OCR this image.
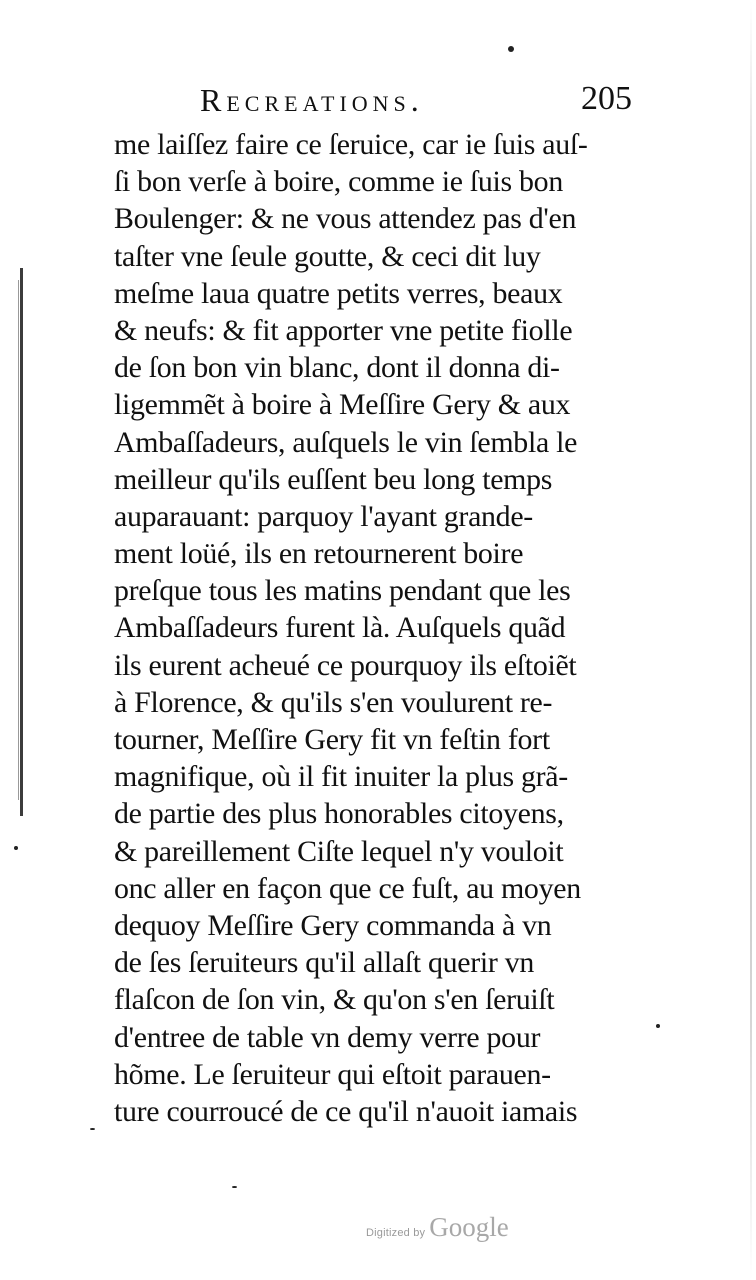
Recreations.	205
me laiſſez faire ce ſeruice, car ie ſuis auſ-
ſi bon verſe à boire, comme ie ſuis bon
Boulenger: & ne vous attendez pas d'en
taſter vne ſeule goutte, & ceci dit luy
meſme laua quatre petits verres, beaux
& neufs: & fit apporter vne petite fiolle
de ſon bon vin blanc, dont il donna di-
ligemmẽt à boire à Meſſire Gery & aux
Ambaſſadeurs, auſquels le vin ſembla le
meilleur qu'ils euſſent beu long temps
auparauant: parquoy l'ayant grande-
ment loüé, ils en retournerent boire
preſque tous les matins pendant que les
Ambaſſadeurs furent là. Auſquels quãd
ils eurent acheué ce pourquoy ils eſtoiẽt
à Florence, & qu'ils s'en voulurent re-
tourner, Meſſire Gery fit vn feſtin fort
magnifique, où il fit inuiter la plus grã-
de partie des plus honorables citoyens,
& pareillement Ciſte lequel n'y vouloit
onc aller en façon que ce fuſt, au moyen
dequoy Meſſire Gery commanda à vn
de ſes ſeruiteurs qu'il allaſt querir vn
flaſcon de ſon vin, & qu'on s'en ſeruiſt
d'entree de table vn demy verre pour
hõme. Le ſeruiteur qui eſtoit parauen-
ture courroucé de ce qu'il n'auoit iamais
Digitized by Google
